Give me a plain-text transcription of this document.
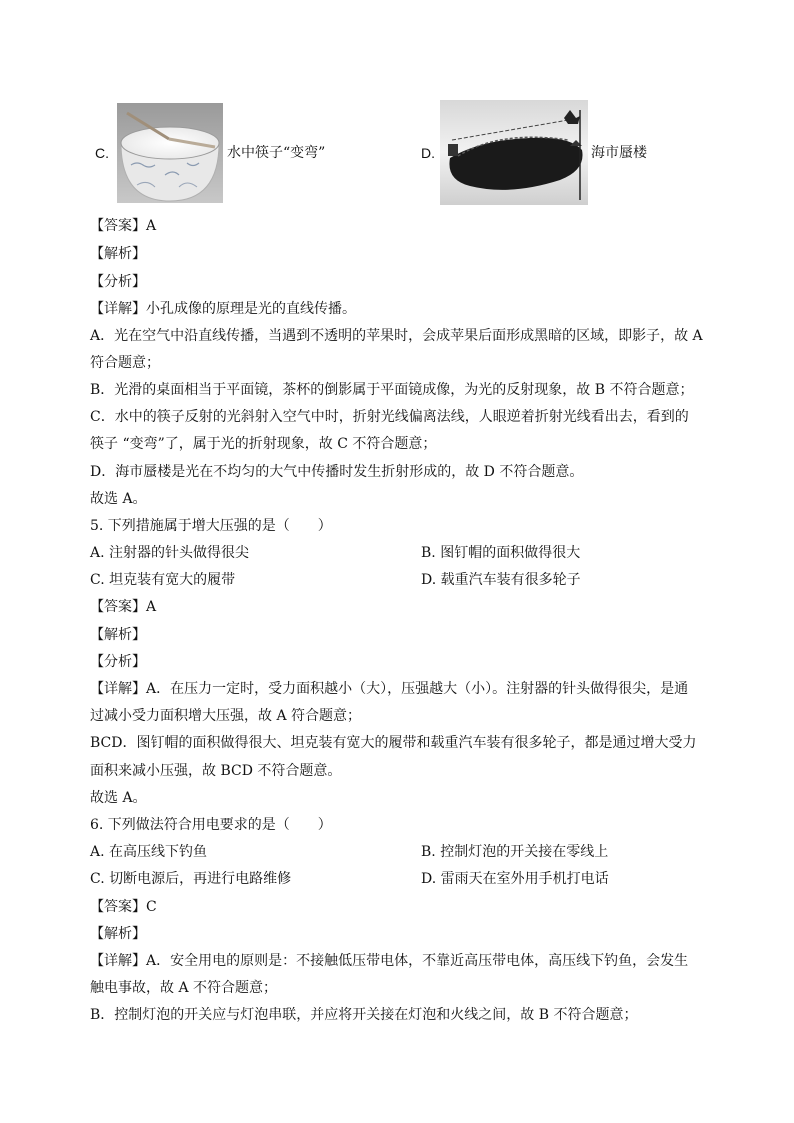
C.	水中筷子“变弯”	D.	海市蜃楼
【答案】A
【解析】
【分析】
【详解】小孔成像的原理是光的直线传播。
A．光在空气中沿直线传播，当遇到不透明的苹果时，会成苹果后面形成黑暗的区域，即影子，故 A
符合题意；
B．光滑的桌面相当于平面镜，茶杯的倒影属于平面镜成像，为光的反射现象，故 B 不符合题意；
C．水中的筷子反射的光斜射入空气中时，折射光线偏离法线，人眼逆着折射光线看出去，看到的
筷子 “变弯”了，属于光的折射现象，故 C 不符合题意；
D．海市蜃楼是光在不均匀的大气中传播时发生折射形成的，故 D 不符合题意。
故选 A。
5. 下列措施属于增大压强的是（　　）
A. 注射器的针头做得很尖	B. 图钉帽的面积做得很大
C. 坦克装有宽大的履带	D. 载重汽车装有很多轮子
【答案】A
【解析】
【分析】
【详解】A．在压力一定时，受力面积越小（大），压强越大（小）。注射器的针头做得很尖，是通
过减小受力面积增大压强，故 A 符合题意；
BCD．图钉帽的面积做得很大、坦克装有宽大的履带和载重汽车装有很多轮子，都是通过增大受力
面积来减小压强，故 BCD 不符合题意。
故选 A。
6. 下列做法符合用电要求的是（　　）
A. 在高压线下钓鱼	B. 控制灯泡的开关接在零线上
C. 切断电源后，再进行电路维修	D. 雷雨天在室外用手机打电话
【答案】C
【解析】
【详解】A．安全用电的原则是：不接触低压带电体，不靠近高压带电体，高压线下钓鱼，会发生
触电事故，故 A 不符合题意；
B．控制灯泡的开关应与灯泡串联，并应将开关接在灯泡和火线之间，故 B 不符合题意；
